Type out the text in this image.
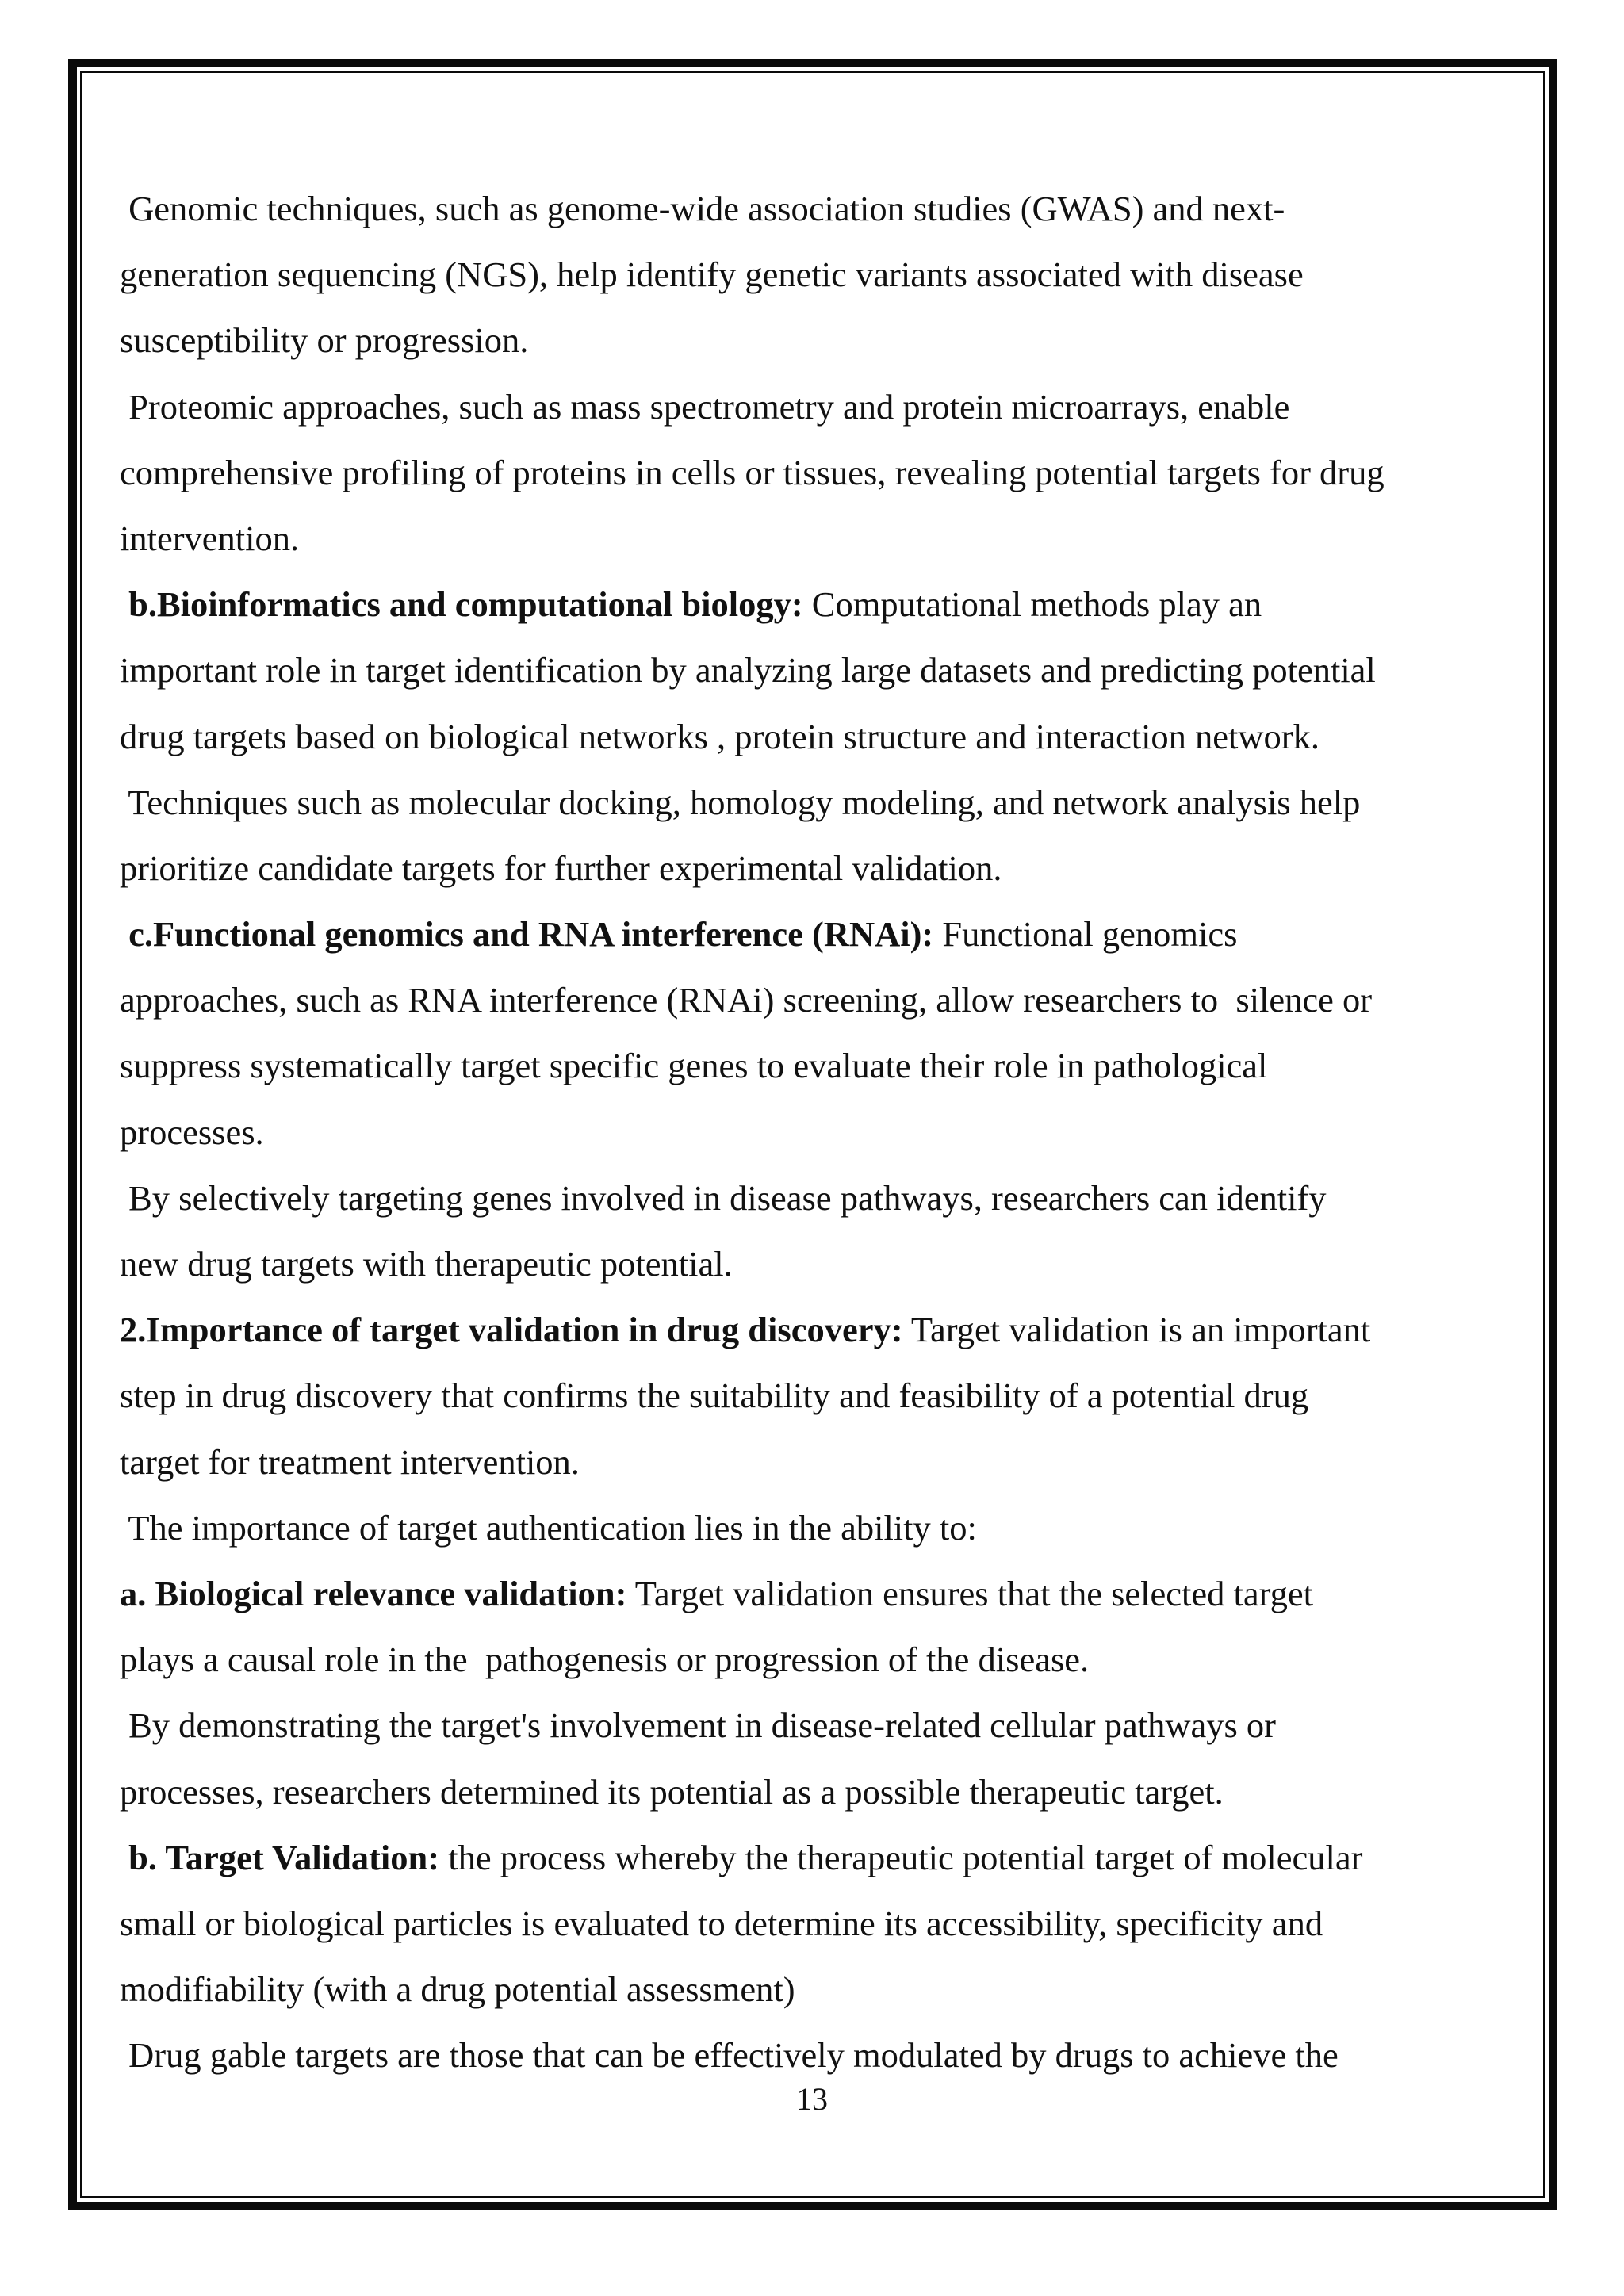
Genomic techniques, such as genome-wide association studies (GWAS) and next-

generation sequencing (NGS), help identify genetic variants associated with disease

susceptibility or progression.

Proteomic approaches, such as mass spectrometry and protein microarrays, enable

comprehensive profiling of proteins in cells or tissues, revealing potential targets for drug

intervention.

b.Bioinformatics and computational biology: Computational methods play an

important role in target identification by analyzing large datasets and predicting potential

drug targets based on biological networks , protein structure and interaction network.

Techniques such as molecular docking, homology modeling, and network analysis help

prioritize candidate targets for further experimental validation.

c.Functional genomics and RNA interference (RNAi): Functional genomics

approaches, such as RNA interference (RNAi) screening, allow researchers to  silence or

suppress systematically target specific genes to evaluate their role in pathological

processes.

By selectively targeting genes involved in disease pathways, researchers can identify

new drug targets with therapeutic potential.

2.Importance of target validation in drug discovery: Target validation is an important

step in drug discovery that confirms the suitability and feasibility of a potential drug

target for treatment intervention.

The importance of target authentication lies in the ability to:

a. Biological relevance validation: Target validation ensures that the selected target

plays a causal role in the  pathogenesis or progression of the disease.

By demonstrating the target's involvement in disease-related cellular pathways or

processes, researchers determined its potential as a possible therapeutic target.

b. Target Validation: the process whereby the therapeutic potential target of molecular

small or biological particles is evaluated to determine its accessibility, specificity and

modifiability (with a drug potential assessment)

Drug gable targets are those that can be effectively modulated by drugs to achieve the

13
